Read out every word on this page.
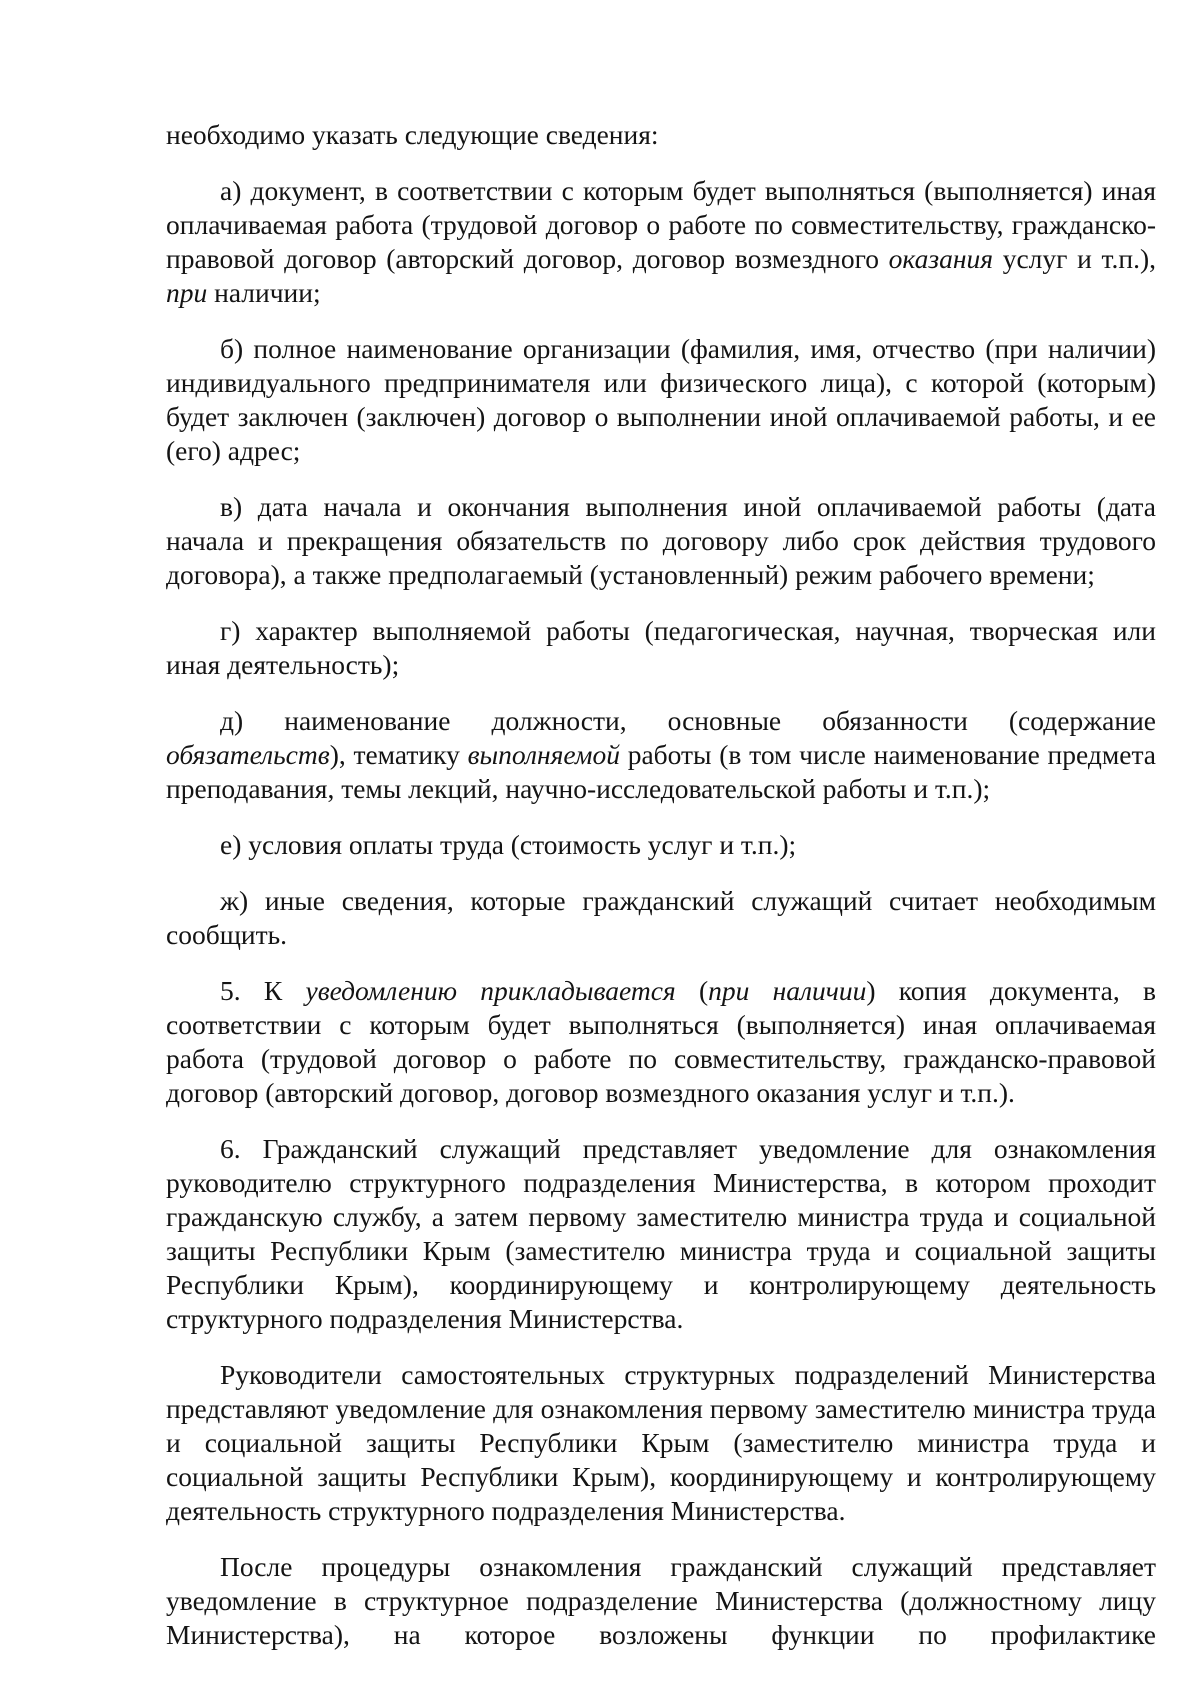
необходимо указать следующие сведения:

а) документ, в соответствии с которым будет выполняться (выполняется) иная оплачиваемая работа (трудовой договор о работе по совместительству, гражданско-правовой договор (авторский договор, договор возмездного оказания услуг и т.п.), при наличии;

б) полное наименование организации (фамилия, имя, отчество (при наличии) индивидуального предпринимателя или физического лица), с которой (которым) будет заключен (заключен) договор о выполнении иной оплачиваемой работы, и ее (его) адрес;

в) дата начала и окончания выполнения иной оплачиваемой работы (дата начала и прекращения обязательств по договору либо срок действия трудового договора), а также предполагаемый (установленный) режим рабочего времени;

г) характер выполняемой работы (педагогическая, научная, творческая или иная деятельность);

д) наименование должности, основные обязанности (содержание обязательств), тематику выполняемой работы (в том числе наименование предмета преподавания, темы лекций, научно-исследовательской работы и т.п.);

е) условия оплаты труда (стоимость услуг и т.п.);

ж) иные сведения, которые гражданский служащий считает необходимым сообщить.

5. К уведомлению прикладывается (при наличии) копия документа, в соответствии с которым будет выполняться (выполняется) иная оплачиваемая работа (трудовой договор о работе по совместительству, гражданско-правовой договор (авторский договор, договор возмездного оказания услуг и т.п.).

6. Гражданский служащий представляет уведомление для ознакомления руководителю структурного подразделения Министерства, в котором проходит гражданскую службу, а затем первому заместителю министра труда и социальной защиты Республики Крым (заместителю министра труда и социальной защиты Республики Крым), координирующему и контролирующему деятельность структурного подразделения Министерства.

Руководители самостоятельных структурных подразделений Министерства представляют уведомление для ознакомления первому заместителю министра труда и социальной защиты Республики Крым (заместителю министра труда и социальной защиты Республики Крым), координирующему и контролирующему деятельность структурного подразделения Министерства.

После процедуры ознакомления гражданский служащий представляет уведомление в структурное подразделение Министерства (должностному лицу Министерства), на которое возложены функции по профилактике
